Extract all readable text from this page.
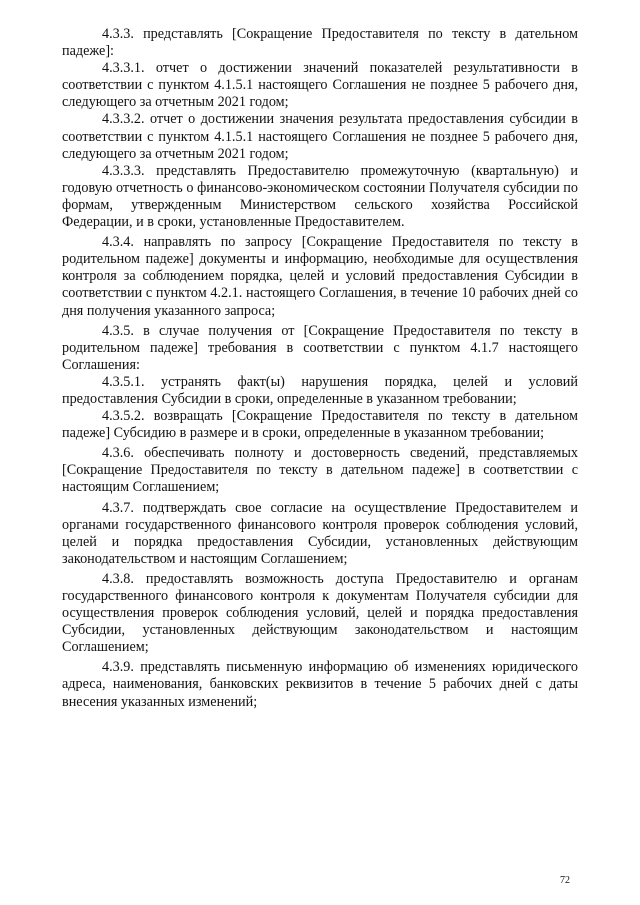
4.3.3. представлять [Сокращение Предоставителя по тексту в дательном падеже]:

4.3.3.1. отчет о достижении значений показателей результативности в соответствии с пунктом 4.1.5.1 настоящего Соглашения не позднее 5 рабочего дня, следующего за отчетным 2021 годом;

4.3.3.2. отчет о достижении значения результата предоставления субсидии в соответствии с пунктом 4.1.5.1 настоящего Соглашения не позднее 5 рабочего дня, следующего за отчетным 2021 годом;

4.3.3.3. представлять Предоставителю промежуточную (квартальную) и годовую отчетность о финансово-экономическом состоянии Получателя субсидии по формам, утвержденным Министерством сельского хозяйства Российской Федерации, и в сроки, установленные Предоставителем.

4.3.4. направлять по запросу [Сокращение Предоставителя по тексту в родительном падеже] документы и информацию, необходимые для осуществления контроля за соблюдением порядка, целей и условий предоставления Субсидии в соответствии с пунктом 4.2.1. настоящего Соглашения, в течение 10 рабочих дней со дня получения указанного запроса;

4.3.5. в случае получения от [Сокращение Предоставителя по тексту в родительном падеже] требования в соответствии с пунктом 4.1.7 настоящего Соглашения:

4.3.5.1. устранять факт(ы) нарушения порядка, целей и условий предоставления Субсидии в сроки, определенные в указанном требовании;

4.3.5.2. возвращать [Сокращение Предоставителя по тексту в дательном падеже] Субсидию в размере и в сроки, определенные в указанном требовании;

4.3.6. обеспечивать полноту и достоверность сведений, представляемых [Сокращение Предоставителя по тексту в дательном падеже] в соответствии с настоящим Соглашением;

4.3.7. подтверждать свое согласие на осуществление Предоставителем и органами государственного финансового контроля проверок соблюдения условий, целей и порядка предоставления Субсидии, установленных действующим законодательством и настоящим Соглашением;

4.3.8. предоставлять возможность доступа Предоставителю и органам государственного финансового контроля к документам Получателя субсидии для осуществления проверок соблюдения условий, целей и порядка предоставления Субсидии, установленных действующим законодательством и настоящим Соглашением;

4.3.9. представлять письменную информацию об изменениях юридического адреса, наименования, банковских реквизитов в течение 5 рабочих дней с даты внесения указанных изменений;

72
